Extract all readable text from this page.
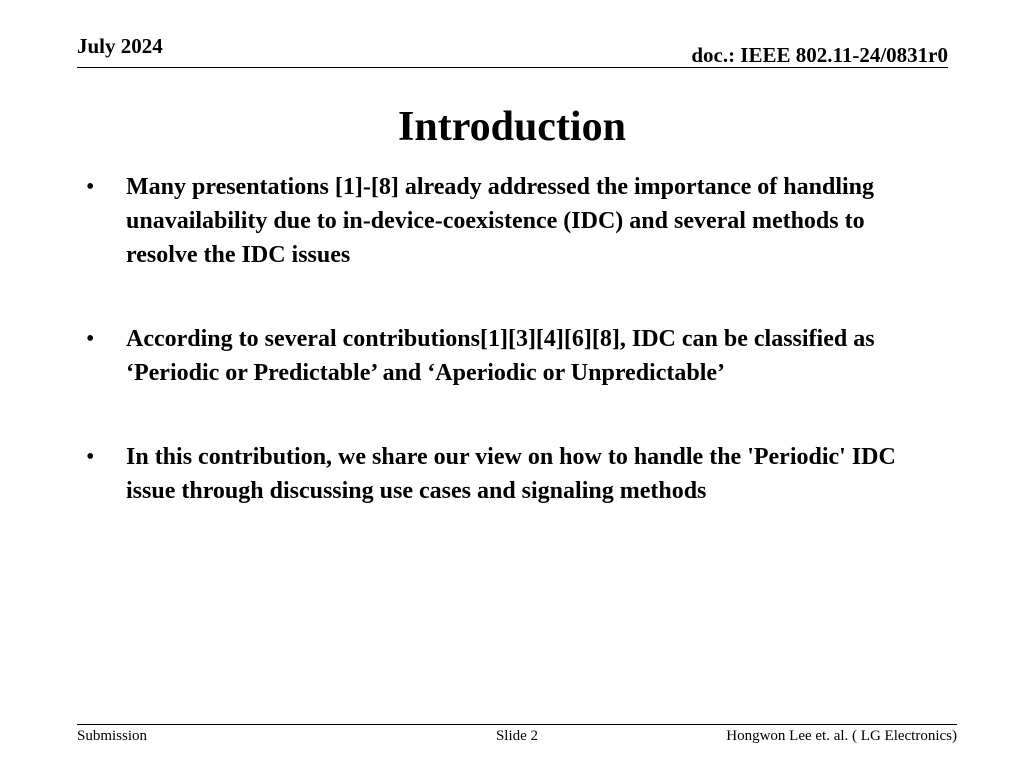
July 2024	doc.: IEEE 802.11-24/0831r0
Introduction
• Many presentations [1]-[8] already addressed the importance of handling unavailability due to in-device-coexistence (IDC) and several methods to resolve the IDC issues
• According to several contributions[1][3][4][6][8], IDC can be classified as ‘Periodic or Predictable’ and ‘Aperiodic or Unpredictable’
• In this contribution, we share our view on how to handle the 'Periodic' IDC issue through discussing use cases and signaling methods
Submission	Slide 2	Hongwon Lee et. al. ( LG Electronics)
